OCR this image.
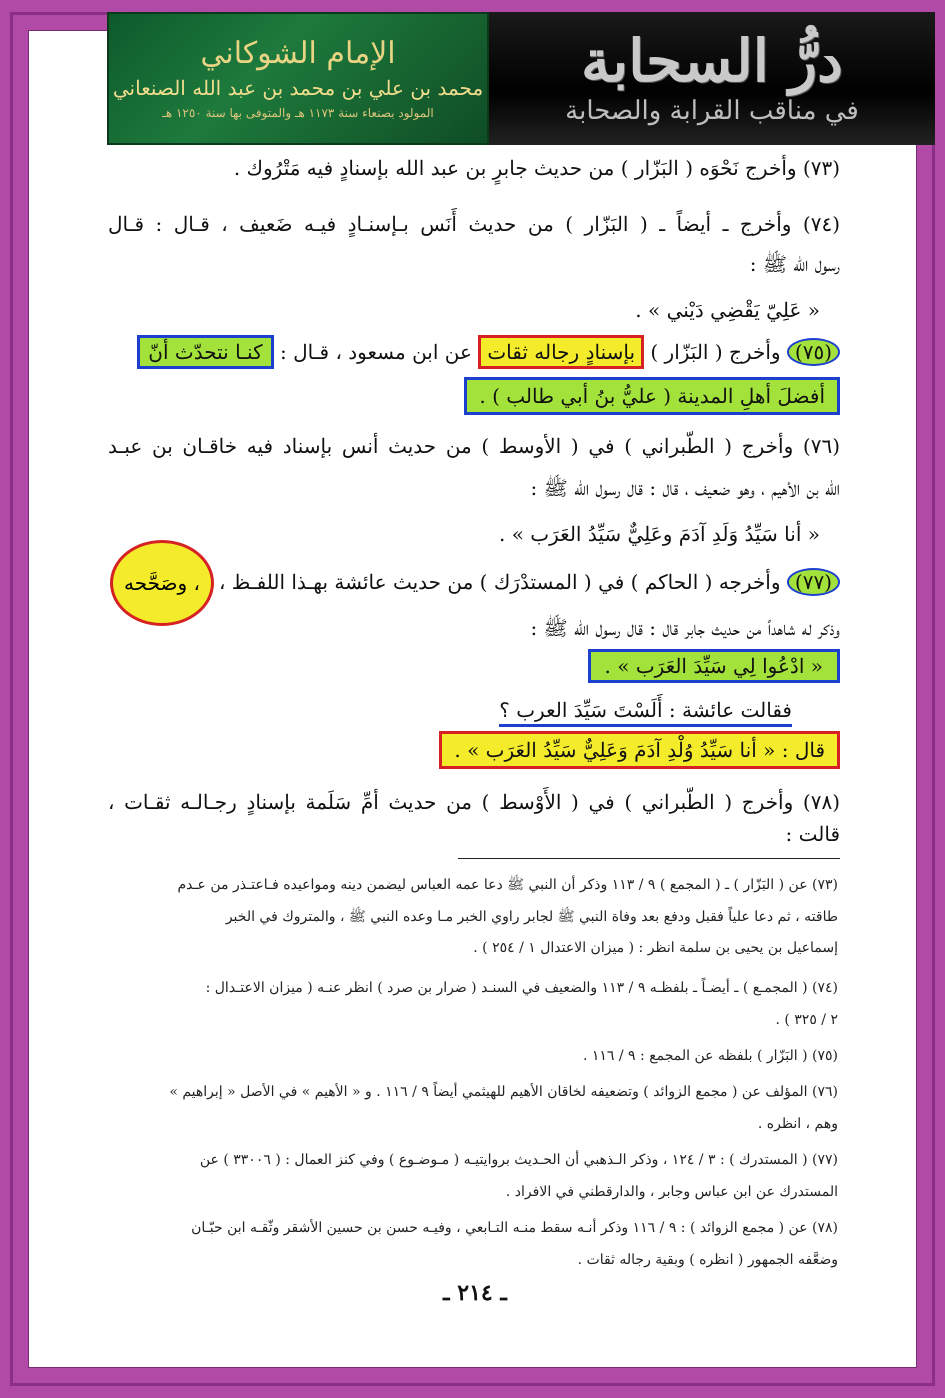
الإمام الشوكاني
محمد بن علي بن محمد بن عبد الله الصنعاني
المولود بصنعاء سنة ١١٧٣ هـ والمتوفى بها سنة ١٢٥٠ هـ
درُّ السحابة
في مناقب القرابة والصحابة
(٧٣) وأخرج نَحْوَه ( البَزّار ) من حديث جابرٍ بن عبد الله بإسنادٍ فيه مَتْرُوك .
(٧٤) وأخرج ـ أيضاً ـ ( البَزّار ) من حديث أَنَس بـإسنـادٍ فيـه ضَعيف ، قـال : قـال
رسول الله ﷺ :
« عَلِيّ يَقْضِي دَيْني » .
(٧٥) وأخرج ( البَزّار ) بإسنادٍ رجاله ثقات عن ابن مسعود ، قـال : كنـا نتحدّث أنّ
أفضلَ أهلِ المدينة ( عليُّ بنُ أبي طالب ) .
(٧٦) وأخرج ( الطّبراني ) في ( الأوسط ) من حديث أنس بإسناد فيه خاقـان بن عبـد
الله بن الأهيم ، وهو ضعيف ، قال : قال رسول الله ﷺ :
« أنا سَيِّدُ وَلَدِ آدَمَ وعَلِيٌّ سَيِّدُ العَرَب » .
(٧٧) وأخرجه ( الحاكم ) في ( المستدْرَك ) من حديث عائشة بهـذا اللفـظ ،
وذكر له شاهداً من حديث جابر قال : قال رسول الله ﷺ :
« ادْعُوا لِي سَيِّدَ العَرَب » .
فقالت عائشة : أَلَسْتَ سَيِّدَ العرب ؟
قال : « أنا سَيِّدُ وُلْدِ آدَمَ وَعَلِيٌّ سَيِّدُ العَرَب » .
(٧٨) وأخرج ( الطّبراني ) في ( الأَوْسط ) من حديث أمِّ سَلَمة بإسنادٍ رجـالـه ثقـات ،
قالت :
وصَحَّحه ،
(٧٣) عن ( البَزّار ) ـ ( المجمع ) ٩ / ١١٣ وذكر أن النبي ﷺ دعا عمه العباس ليضمن دينه ومواعيده فـاعتـذر من عـدم
طاقته ، ثم دعا علياً فقبل ودفع بعد وفاة النبي ﷺ لجابر راوي الخبر مـا وعده النبي ﷺ ، والمتروك في الخبر
إسماعيل بن يحيى بن سلمة انظر : ( ميزان الاعتدال ١ / ٢٥٤ ) .
(٧٤) ( المجمـع ) ـ أيضـاً ـ بلفظـه ٩ / ١١٣ والضعيف في السنـد ( ضرار بن صرد ) انظر عنـه ( ميزان الاعتـدال :
٢ / ٣٢٥ ) .
(٧٥) ( البَزّار ) بلفظه عن المجمع : ٩ / ١١٦ .
(٧٦) المؤلف عن ( مجمع الزوائد ) وتضعيفه لخاقان الأهيم للهيثمي أيضاً ٩ / ١١٦ . و « الأهيم » في الأصل « إبراهيم »
وهم ، انظره .
(٧٧) ( المستدرك ) : ٣ / ١٢٤ ، وذكر الـذهبي أن الحـديث بروايتيـه ( مـوضـوع ) وفي كنز العمال : ( ٣٣٠٠٦ ) عن
المستدرك عن ابن عباس وجابر ، والدارقطني في الافراد .
(٧٨) عن ( مجمع الزوائد ) : ٩ / ١١٦ وذكر أنـه سقط منـه التـابعي ، وفيـه حسن بن حسين الأشقر وثّقـه ابن حبّـان
وضعَّفه الجمهور ( انظره ) وبقية رجاله ثقات .
ـ ٢١٤ ـ
